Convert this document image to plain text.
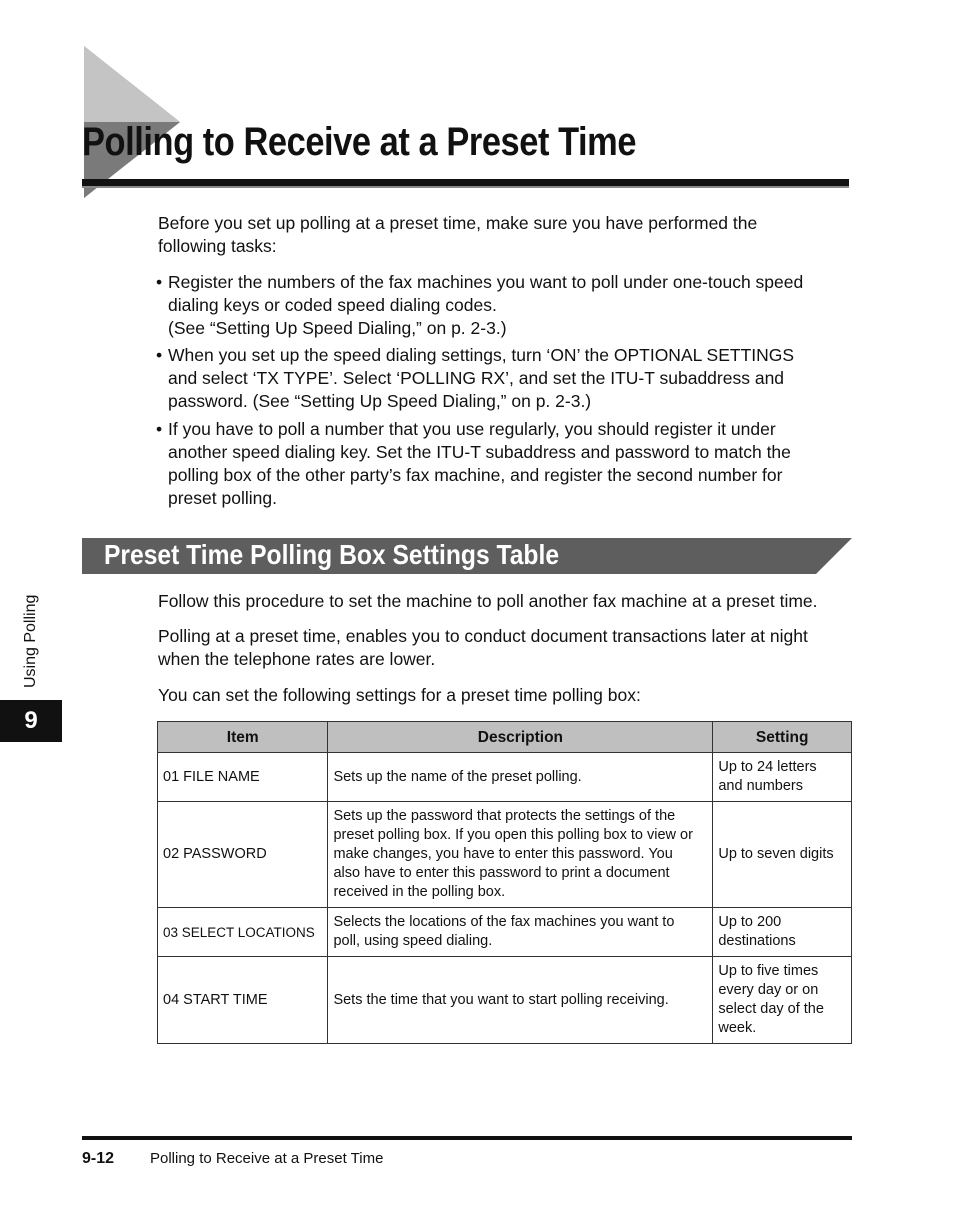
Polling to Receive at a Preset Time

Before you set up polling at a preset time, make sure you have performed the
following tasks:

• Register the numbers of the fax machines you want to poll under one-touch speed
dialing keys or coded speed dialing codes.
(See “Setting Up Speed Dialing,” on p. 2-3.)
• When you set up the speed dialing settings, turn ‘ON’ the OPTIONAL SETTINGS
and select ‘TX TYPE’. Select ‘POLLING RX’, and set the ITU-T subaddress and
password. (See “Setting Up Speed Dialing,” on p. 2-3.)
• If you have to poll a number that you use regularly, you should register it under
another speed dialing key. Set the ITU-T subaddress and password to match the
polling box of the other party’s fax machine, and register the second number for
preset polling.
Preset Time Polling Box Settings Table

Follow this procedure to set the machine to poll another fax machine at a preset time.

Polling at a preset time, enables you to conduct document transactions later at night
when the telephone rates are lower.

You can set the following settings for a preset time polling box:

Item	Description	Setting
01 FILE NAME	Sets up the name of the preset polling.	Up to 24 letters
and numbers

02 PASSWORD	Sets up the password that protects the settings of the
preset polling box. If you open this polling box to view or
make changes, you have to enter this password. You
also have to enter this password to print a document
received in the polling box.	Up to seven digits

03 SELECT LOCATIONS	Selects the locations of the fax machines you want to
poll, using speed dialing.	Up to 200
destinations

04 START TIME	Sets the time that you want to start polling receiving.	Up to five times
every day or on
select day of the
week.
Using Polling
9
9-12 Polling to Receive at a Preset Time
